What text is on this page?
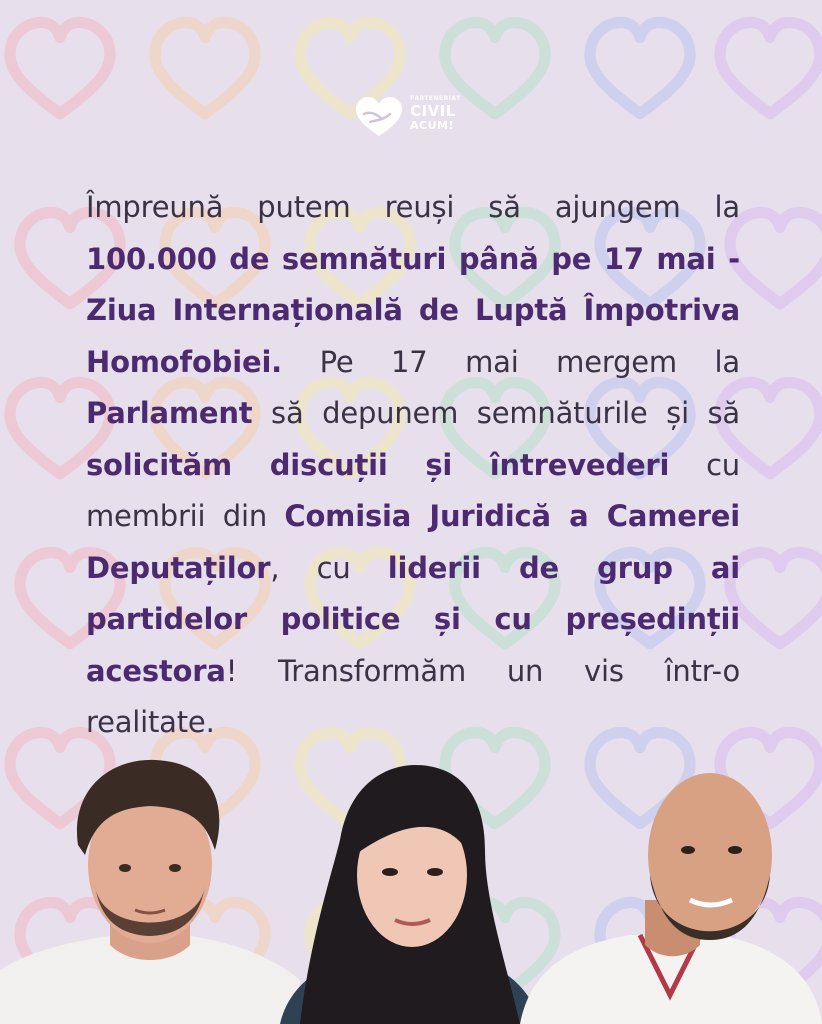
PARTENERIAT
CIVIL
ACUM!
Împreună putem reuși să ajungem la 100.000 de semnături până pe 17 mai - Ziua Internațională de Luptă Împotriva Homofobiei. Pe 17 mai mergem la Parlament să depunem semnăturile și să solicităm discuții și întrevederi cu membrii din Comisia Juridică a Camerei Deputaților, cu liderii de grup ai partidelor politice și cu președinții acestora! Transformăm un vis într-o realitate.
